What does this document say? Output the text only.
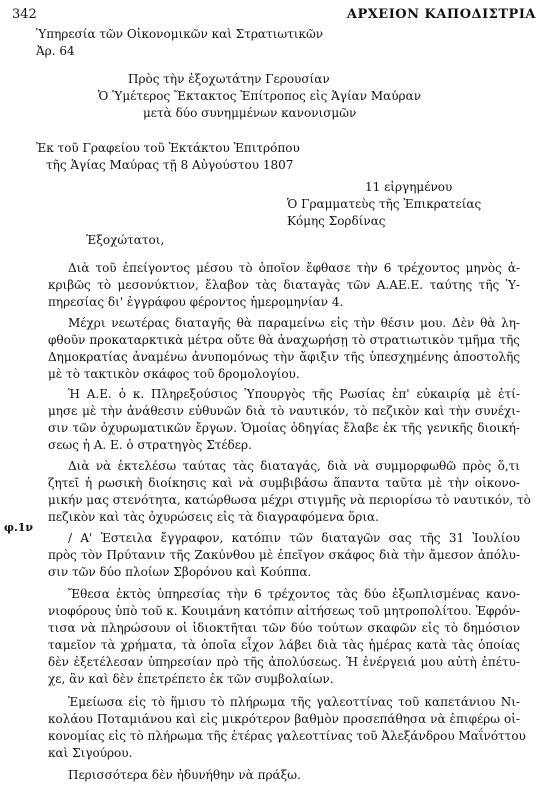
342	ΑΡΧΕΙΟΝ ΚΑΠΟΔΙΣΤΡΙΑ
φ.1ν
Ὑπηρεσία τῶν Οἰκονομικῶν καὶ Στρατιωτικῶν
Ἀρ. 64
Πρὸς τὴν ἐξοχωτάτην Γερουσίαν
Ὁ Ὑμέτερος Ἔκτακτος Ἐπίτροπος εἰς Ἁγίαν Μαύραν
μετὰ δύο συνημμένων κανονισμῶν
Ἐκ τοῦ Γραφείου τοῦ Ἐκτάκτου Ἐπιτρόπου
τῆς Ἁγίας Μαύρας τῇ 8 Αὐγούστου 1807
11 εἰργημένου
Ὁ Γραμματεὺς τῆς Ἐπικρατείας
Κόμης Σορδίνας
Ἐξοχώτατοι,
Διὰ τοῦ ἐπείγοντος μέσου τὸ ὁποῖον ἔφθασε τὴν 6 τρέχοντος μηνὸς ἀ-
κριβῶς τὸ μεσονύκτιον, ἔλαβον τὰς διαταγὰς τῶν Α.ΑΕ.Ε. ταύτης τῆς Ὑ-
πηρεσίας δι' ἐγγράφου φέροντος ἡμερομηνίαν 4.
Μέχρι νεωτέρας διαταγῆς θὰ παραμείνω εἰς τὴν θέσιν μου. Δὲν θὰ λη-
φθοῦν προκαταρκτικὰ μέτρα οὔτε θὰ ἀναχωρήσῃ τὸ στρατιωτικὸν τμῆμα τῆς
Δημοκρατίας ἀναμένω ἀνυπομόνως τὴν ἄφιξιν τῆς ὑπεσχημένης ἀποστολῆς
μὲ τὸ τακτικὸν σκάφος τοῦ δρομολογίου.
Ἡ Α.Ε. ὁ κ. Πληρεξούσιος Ὑπουργὸς τῆς Ρωσίας ἐπ' εὐκαιρίᾳ μὲ ἐτί-
μησε μὲ τὴν ἀνάθεσιν εὐθυνῶν διὰ τὸ ναυτικόν, τὸ πεζικὸν καὶ τὴν συνέχι-
σιν τῶν ὀχυρωματικῶν ἔργων. Ὁμοίας ὁδηγίας ἔλαβε ἐκ τῆς γενικῆς διοική-
σεως ἡ Α. Ε. ὁ στρατηγὸς Στέδερ.
Διὰ νὰ ἐκτελέσω ταύτας τὰς διαταγάς, διὰ νὰ συμμορφωθῶ πρὸς ὅ,τι
ζητεῖ ἡ ρωσικὴ διοίκησις καὶ νὰ συμβιβάσω ἅπαντα ταῦτα μὲ τὴν οἰκονο-
μικήν μας στενότητα, κατώρθωσα μέχρι στιγμῆς νὰ περιορίσω τὸ ναυτικόν, τὸ
πεζικὸν καὶ τὰς ὀχυρώσεις εἰς τὰ διαγραφόμενα ὅρια.
/ Α' Ἐστειλα ἔγγραφον, κατόπιν τῶν διαταγῶν σας τῆς 31 Ἰουλίου
πρὸς τὸν Πρύτανιν τῆς Ζακύνθου μὲ ἐπεῖγον σκάφος διὰ τὴν ἄμεσον ἀπόλυ-
σιν τῶν δύο πλοίων Σβορόνου καὶ Κούππα.
Ἔθεσα ἐκτὸς ὑπηρεσίας τὴν 6 τρέχοντος τὰς δύο ἐξωπλισμένας κανο-
νιοφόρους ὑπὸ τοῦ κ. Κουιμάνη κατόπιν αἰτήσεως τοῦ μητροπολίτου. Ἐφρόν-
τισα νὰ πληρώσουν οἱ ἰδιοκτῆται τῶν δύο τούτων σκαφῶν εἰς τὸ δημόσιον
ταμεῖον τὰ χρήματα, τὰ ὁποῖα εἶχον λάβει διὰ τὰς ἡμέρας κατὰ τὰς ὁποίας
δὲν ἐξετέλεσαν ὑπηρεσίαν πρὸ τῆς ἀπολύσεως. Ἡ ἐνέργειά μου αὐτὴ ἐπέτυ-
χε, ἂν καὶ δὲν ἐπετρέπετο ἐκ τῶν συμβολαίων.
Ἐμείωσα εἰς τὸ ἥμισυ τὸ πλήρωμα τῆς γαλεοττίνας τοῦ καπετάνιου Νι-
κολάου Ποταμιάνου καὶ εἰς μικρότερον βαθμὸν προσεπάθησα νὰ ἐπιφέρω οἰ-
κονομίας εἰς τὸ πλήρωμα τῆς ἑτέρας γαλεοττίνας τοῦ Ἀλεξάνδρου Μαΐνόττου
καὶ Σιγούρου.
Περισσότερα δὲν ἠδυνήθην νὰ πράξω.
